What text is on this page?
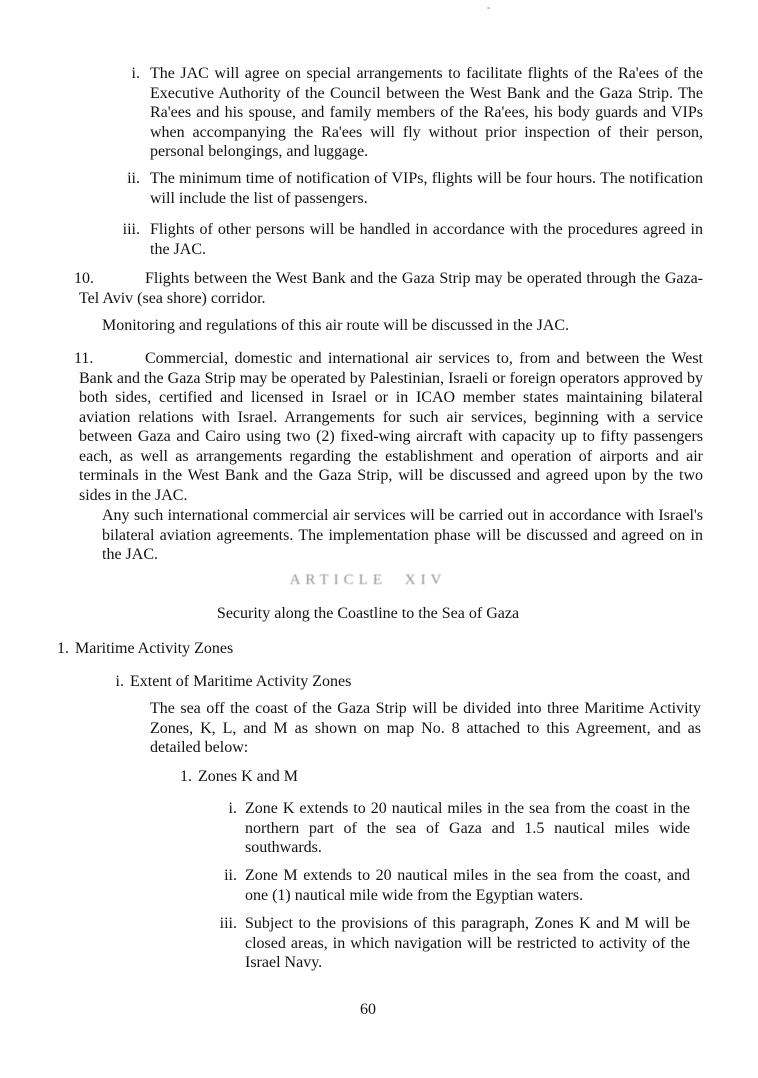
i. The JAC will agree on special arrangements to facilitate flights of the Ra'ees of the Executive Authority of the Council between the West Bank and the Gaza Strip. The Ra'ees and his spouse, and family members of the Ra'ees, his body guards and VIPs when accompanying the Ra'ees will fly without prior inspection of their person, personal belongings, and luggage.
ii. The minimum time of notification of VIPs, flights will be four hours. The notification will include the list of passengers.
iii. Flights of other persons will be handled in accordance with the procedures agreed in the JAC.
10.	Flights between the West Bank and the Gaza Strip may be operated through the Gaza-Tel Aviv (sea shore) corridor.
Monitoring and regulations of this air route will be discussed in the JAC.
11.	Commercial, domestic and international air services to, from and between the West Bank and the Gaza Strip may be operated by Palestinian, Israeli or foreign operators approved by both sides, certified and licensed in Israel or in ICAO member states maintaining bilateral aviation relations with Israel. Arrangements for such air services, beginning with a service between Gaza and Cairo using two (2) fixed-wing aircraft with capacity up to fifty passengers each, as well as arrangements regarding the establishment and operation of airports and air terminals in the West Bank and the Gaza Strip, will be discussed and agreed upon by the two sides in the JAC.
Any such international commercial air services will be carried out in accordance with Israel's bilateral aviation agreements. The implementation phase will be discussed and agreed on in the JAC.
ARTICLE XIV
Security along the Coastline to the Sea of Gaza
1. Maritime Activity Zones
i. Extent of Maritime Activity Zones
The sea off the coast of the Gaza Strip will be divided into three Maritime Activity Zones, K, L, and M as shown on map No. 8 attached to this Agreement, and as detailed below:
1. Zones K and M
i. Zone K extends to 20 nautical miles in the sea from the coast in the northern part of the sea of Gaza and 1.5 nautical miles wide southwards.
ii. Zone M extends to 20 nautical miles in the sea from the coast, and one (1) nautical mile wide from the Egyptian waters.
iii. Subject to the provisions of this paragraph, Zones K and M will be closed areas, in which navigation will be restricted to activity of the Israel Navy.
60
